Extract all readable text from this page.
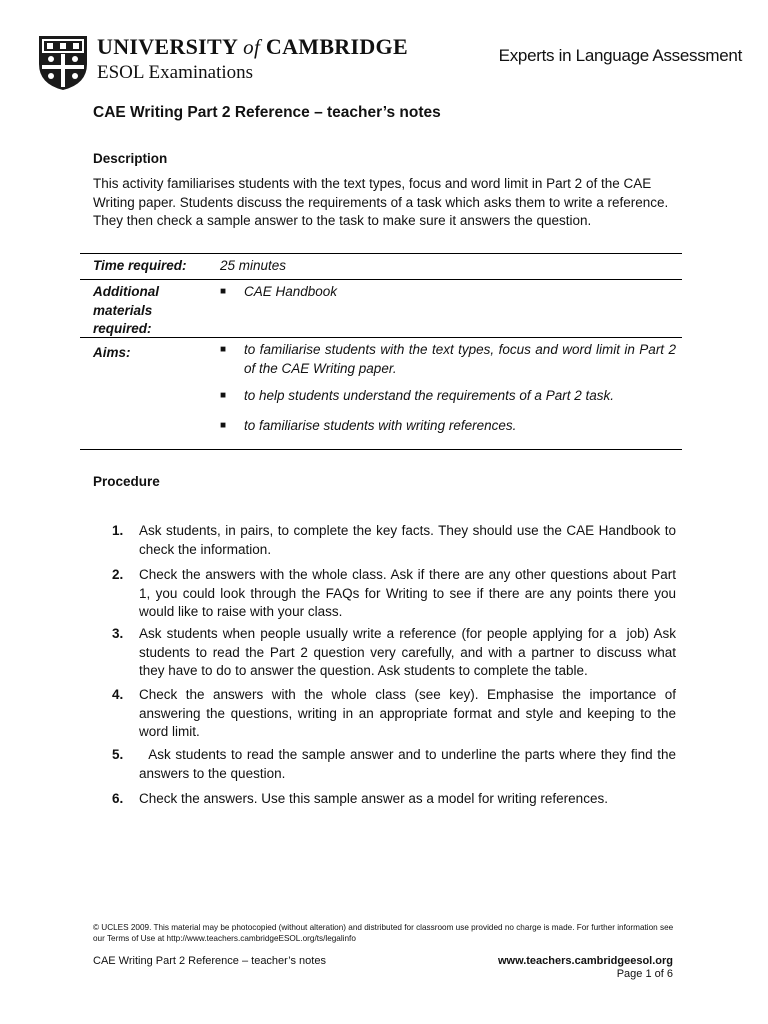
UNIVERSITY of CAMBRIDGE
ESOL Examinations
Experts in Language Assessment
CAE Writing Part 2 Reference – teacher’s notes
Description
This activity familiarises students with the text types, focus and word limit in Part 2 of the CAE Writing paper. Students discuss the requirements of a task which asks them to write a reference. They then check a sample answer to the task to make sure it answers the question.
Time required: 25 minutes
Additional materials required:
■ CAE Handbook
Aims:	■ to familiarise students with the text types, focus and word limit in Part 2 of the CAE Writing paper.
■ to help students understand the requirements of a Part 2 task.
■ to familiarise students with writing references.
Procedure
1. Ask students, in pairs, to complete the key facts. They should use the CAE Handbook to check the information.
2. Check the answers with the whole class. Ask if there are any other questions about Part 1, you could look through the FAQs for Writing to see if there are any points there you would like to raise with your class.
3. Ask students when people usually write a reference (for people applying for a  job) Ask students to read the Part 2 question very carefully, and with a partner to discuss what they have to do to answer the question. Ask students to complete the table.
4. Check the answers with the whole class (see key). Emphasise the importance of answering the questions, writing in an appropriate format and style and keeping to the word limit.
5. Ask students to read the sample answer and to underline the parts where they find the answers to the question.
6. Check the answers. Use this sample answer as a model for writing references.
© UCLES 2009. This material may be photocopied (without alteration) and distributed for classroom use provided no charge is made. For further information see our Terms of Use at http://www.teachers.cambridgeESOL.org/ts/legalinfo
CAE Writing Part 2 Reference – teacher’s notes	www.teachers.cambridgeesol.org
Page 1 of 6
